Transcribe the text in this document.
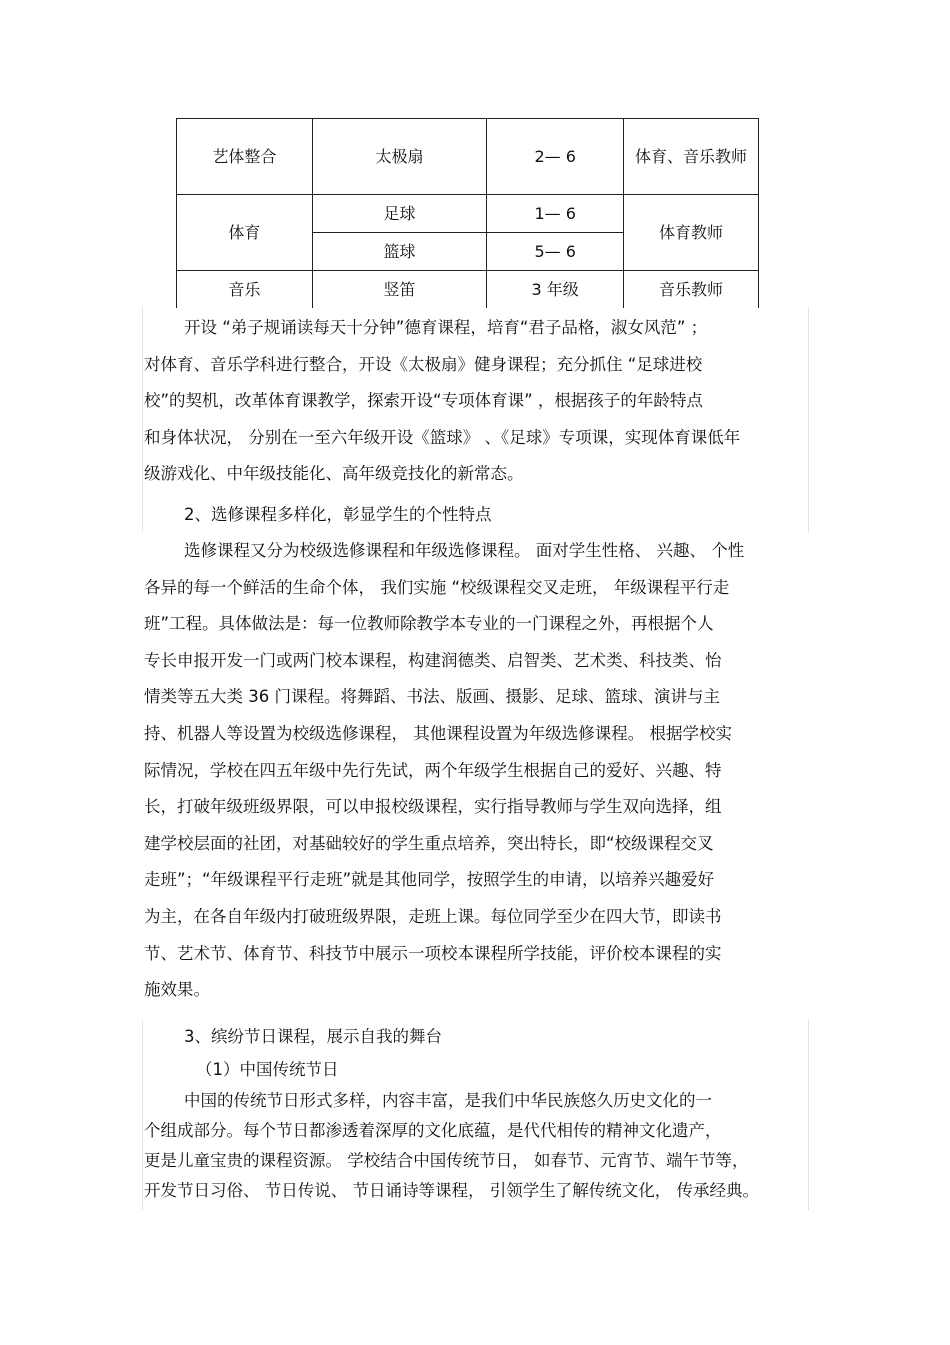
艺体整合	太极扇	2— 6	体育、音乐教师

体育	足球	1— 6	体育教师
	篮球	5— 6	
音乐	竖笛	3 年级	音乐教师
开设 “弟子规诵读每天十分钟”德育课程，培育“君子品格，淑女风范” ；
对体育、音乐学科进行整合，开设《太极扇》健身课程；充分抓住 “足球进校
校”的契机，改革体育课教学，探索开设“专项体育课” ，根据孩子的年龄特点
和身体状况， 分别在一至六年级开设《篮球》 、《足球》专项课，实现体育课低年
级游戏化、中年级技能化、高年级竞技化的新常态。
2、选修课程多样化，彰显学生的个性特点
选修课程又分为校级选修课程和年级选修课程。 面对学生性格、 兴趣、 个性
各异的每一个鲜活的生命个体， 我们实施 “校级课程交叉走班， 年级课程平行走
班”工程。具体做法是：每一位教师除教学本专业的一门课程之外，再根据个人
专长申报开发一门或两门校本课程，构建润德类、启智类、艺术类、科技类、怡
情类等五大类 36 门课程。将舞蹈、书法、版画、摄影、足球、篮球、演讲与主
持、机器人等设置为校级选修课程， 其他课程设置为年级选修课程。 根据学校实
际情况，学校在四五年级中先行先试，两个年级学生根据自己的爱好、兴趣、特
长，打破年级班级界限，可以申报校级课程，实行指导教师与学生双向选择，组
建学校层面的社团，对基础较好的学生重点培养，突出特长，即“校级课程交叉
走班”；“年级课程平行走班”就是其他同学，按照学生的申请，以培养兴趣爱好
为主，在各自年级内打破班级界限，走班上课。每位同学至少在四大节，即读书
节、艺术节、体育节、科技节中展示一项校本课程所学技能，评价校本课程的实
施效果。
3、缤纷节日课程，展示自我的舞台
（1）中国传统节日
中国的传统节日形式多样，内容丰富，是我们中华民族悠久历史文化的一
个组成部分。每个节日都渗透着深厚的文化底蕴，是代代相传的精神文化遗产，
更是儿童宝贵的课程资源。 学校结合中国传统节日， 如春节、元宵节、端午节等，
开发节日习俗、 节日传说、 节日诵诗等课程， 引领学生了解传统文化， 传承经典。
